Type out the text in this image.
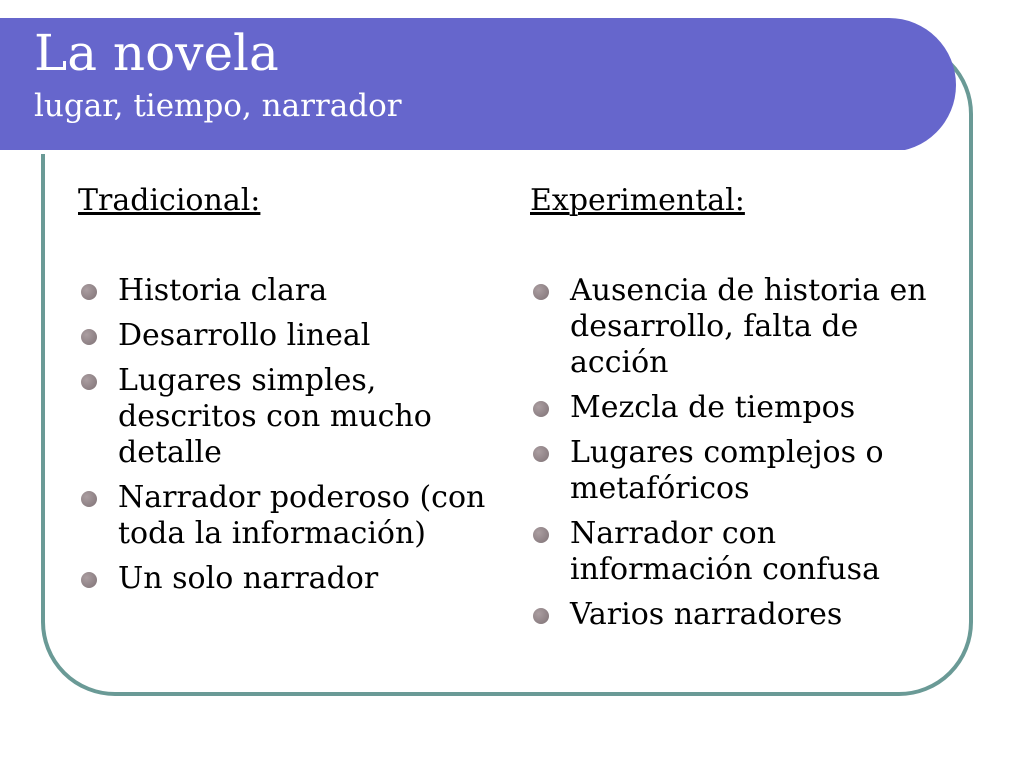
La novela
lugar, tiempo, narrador

Tradicional:

Historia clara
Desarrollo lineal
Lugares simples, descritos con mucho detalle
Narrador poderoso (con toda la información)
Un solo narrador

Experimental:

Ausencia de historia en desarrollo, falta de acción
Mezcla de tiempos
Lugares complejos o metafóricos
Narrador con información confusa
Varios narradores
